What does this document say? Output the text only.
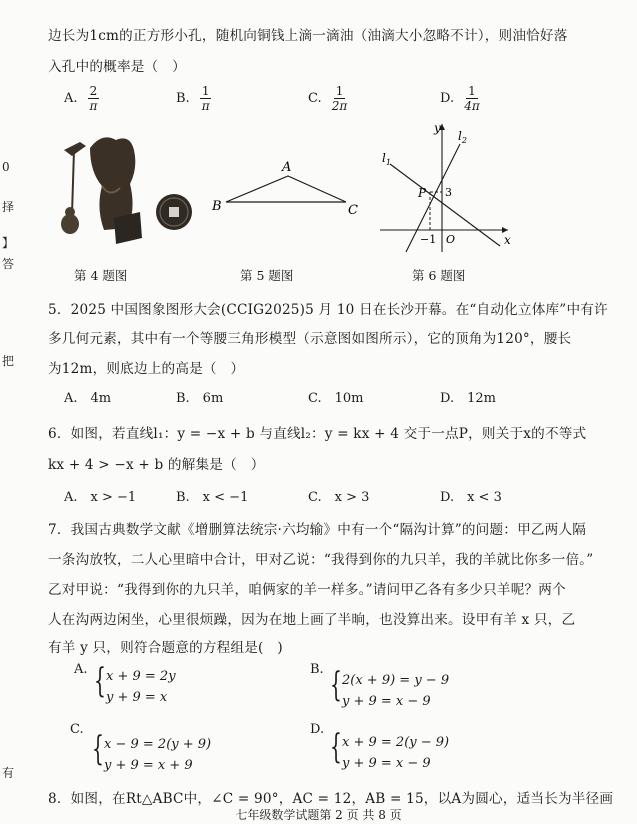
边长为1cm的正方形小孔，随机向铜钱上滴一滴油（油滴大小忽略不计），则油恰好落
入孔中的概率是（　）
A. $\frac{2}{\pi}$	B. $\frac{1}{\pi}$	C. $\frac{1}{2\pi}$	D. $\frac{1}{4\pi}$
第 4 题图
A
B	C
第 5 题图
y
x
$l_1$
$l_2$
P 3
−1 O
第 6 题图
5．2025 中国图象图形大会(CCIG2025)5 月 10 日在长沙开幕。在“自动化立体库”中有许
多几何元素，其中有一个等腰三角形模型（示意图如图所示），它的顶角为120°，腰长
为12m，则底边上的高是（　）
A.　4m	B.　6m	C.　10m	D.　12m
6．如图，若直线l₁：y = −x + b 与直线l₂：y = kx + 4 交于一点P，则关于x的不等式
kx + 4 > −x + b 的解集是（　）
A.　x > −1	B.　x < −1	C.　x > 3	D.　x < 3
7．我国古典数学文献《增删算法统宗·六均输》中有一个“隔沟计算”的问题：甲乙两人隔
一条沟放牧，二人心里暗中合计，甲对乙说：“我得到你的九只羊，我的羊就比你多一倍。”
乙对甲说：“我得到你的九只羊，咱俩家的羊一样多。”请问甲乙各有多少只羊呢？两个
人在沟两边闲坐，心里很烦躁，因为在地上画了半晌，也没算出来。设甲有羊 x 只，乙
有羊 y 只，则符合题意的方程组是(　)
A. { x + 9 = 2y
y + 9 = x
B. { 2(x + 9) = y − 9
y + 9 = x − 9
C. { x − 9 = 2(y + 9)
y + 9 = x + 9
D. { x + 9 = 2(y − 9)
y + 9 = x − 9
8．如图，在Rt△ABC中，∠C = 90°，AC = 12，AB = 15，以A为圆心，适当长为半径画
七年级数学试题第 2 页 共 8 页
0
择
】
答
把
有
